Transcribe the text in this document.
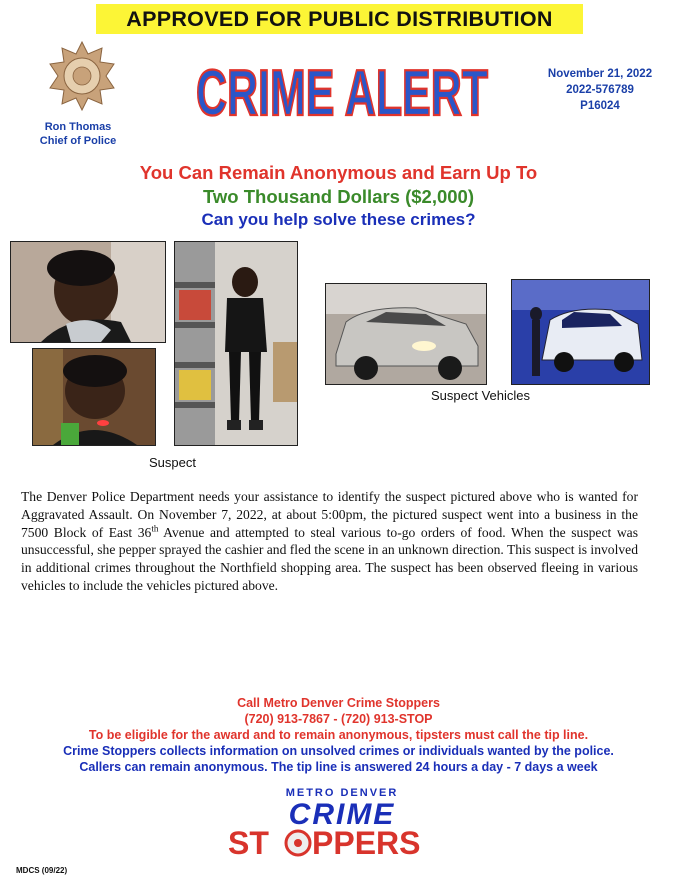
APPROVED FOR PUBLIC DISTRIBUTION
Ron Thomas
Chief of Police
CRIME ALERT	November 21, 2022
2022-576789
P16024
You Can Remain Anonymous and Earn Up To
Two Thousand Dollars ($2,000)
Can you help solve these crimes?
Suspect
Suspect Vehicles
The Denver Police Department needs your assistance to identify the suspect pictured above who is wanted for Aggravated Assault. On November 7, 2022, at about 5:00pm, the pictured suspect went into a business in the 7500 Block of East 36th Avenue and attempted to steal various to-go orders of food. When the suspect was unsuccessful, she pepper sprayed the cashier and fled the scene in an unknown direction. This suspect is involved in additional crimes throughout the Northfield shopping area. The suspect has been observed fleeing in various vehicles to include the vehicles pictured above.
Call Metro Denver Crime Stoppers
(720) 913-7867 - (720) 913-STOP
To be eligible for the award and to remain anonymous, tipsters must call the tip line.
Crime Stoppers collects information on unsolved crimes or individuals wanted by the police.
Callers can remain anonymous. The tip line is answered 24 hours a day - 7 days a week
METRO DENVER
CRIME
ST PPERS
MDCS (09/22)
